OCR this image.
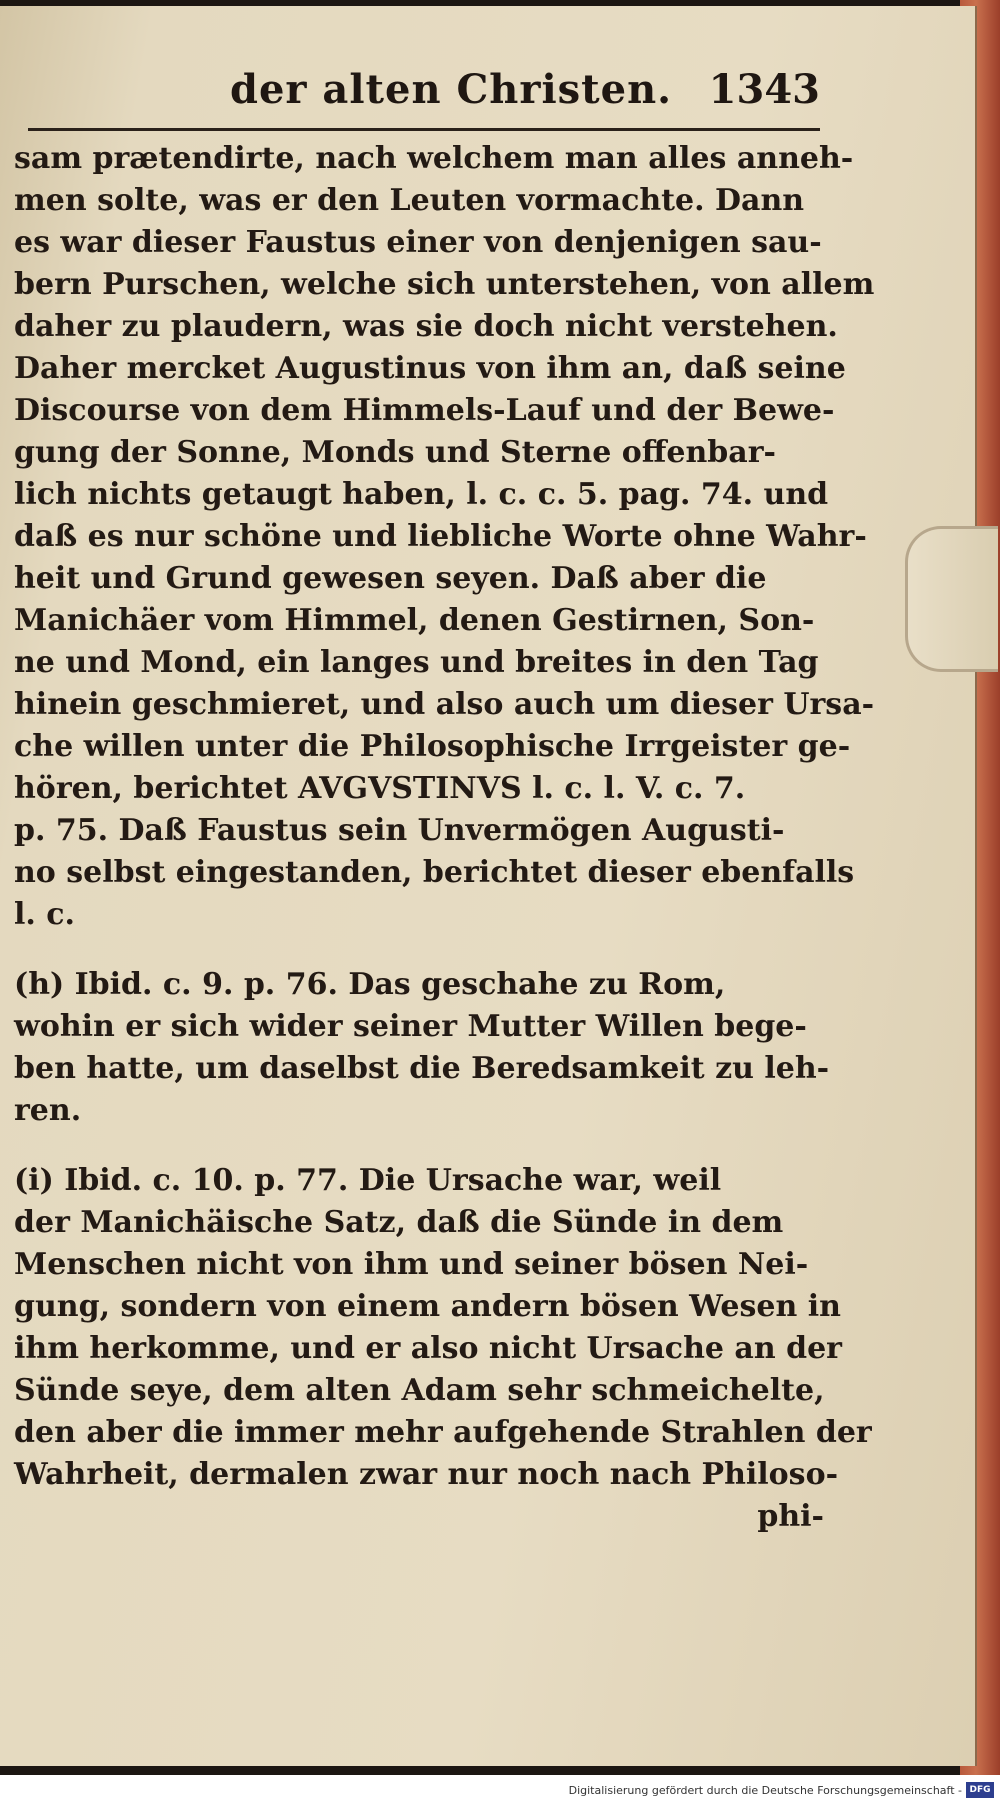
der alten Christen. 1343
sam prætendirte, nach welchem man alles anneh-
men solte, was er den Leuten vormachte. Dann
es war dieser Faustus einer von denjenigen sau-
bern Purschen, welche sich unterstehen, von allem
daher zu plaudern, was sie doch nicht verstehen.
Daher mercket Augustinus von ihm an, daß seine
Discourse von dem Himmels-Lauf und der Bewe-
gung der Sonne, Monds und Sterne offenbar-
lich nichts getaugt haben, l. c. c. 5. pag. 74. und
daß es nur schöne und liebliche Worte ohne Wahr-
heit und Grund gewesen seyen. Daß aber die
Manichäer vom Himmel, denen Gestirnen, Son-
ne und Mond, ein langes und breites in den Tag
hinein geschmieret, und also auch um dieser Ursa-
che willen unter die Philosophische Irrgeister ge-
hören, berichtet AVGVSTINVS l. c. l. V. c. 7.
p. 75. Daß Faustus sein Unvermögen Augusti-
no selbst eingestanden, berichtet dieser ebenfalls
l. c.
(h) Ibid. c. 9. p. 76. Das geschahe zu Rom,
wohin er sich wider seiner Mutter Willen bege-
ben hatte, um daselbst die Beredsamkeit zu leh-
ren.
(i) Ibid. c. 10. p. 77. Die Ursache war, weil
der Manichäische Satz, daß die Sünde in dem
Menschen nicht von ihm und seiner bösen Nei-
gung, sondern von einem andern bösen Wesen in
ihm herkomme, und er also nicht Ursache an der
Sünde seye, dem alten Adam sehr schmeichelte,
den aber die immer mehr aufgehende Strahlen der
Wahrheit, dermalen zwar nur noch nach Philoso-
phi-
Digitalisierung gefördert durch die Deutsche Forschungsgemeinschaft - DFG
